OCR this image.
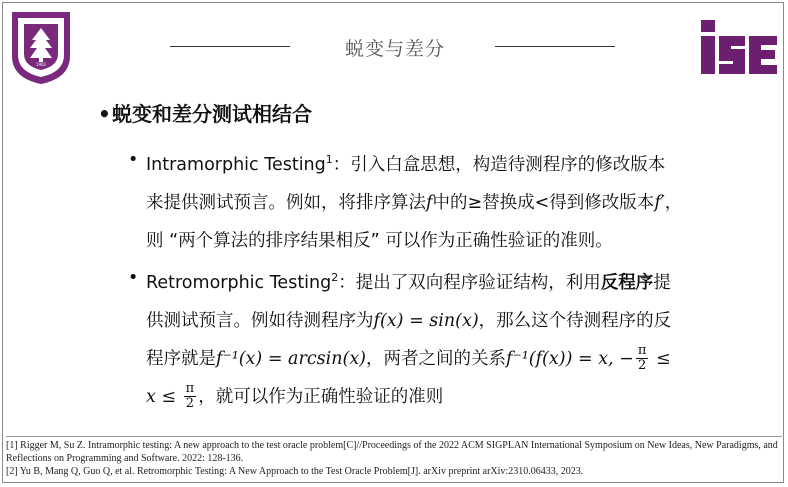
1902
蜕变与差分
•蜕变和差分测试相结合
• Intramorphic Testing$^1$：引入白盒思想，构造待测程序的修改版本
来提供测试预言。例如，将排序算法f中的≥替换成<得到修改版本f′，
则 “两个算法的排序结果相反” 可以作为正确性验证的准则。
• Retromorphic Testing$^2$：提出了双向程序验证结构，利用反程序提
供测试预言。例如待测程序为f(x) = sin(x)，那么这个待测程序的反
程序就是f⁻¹(x) = arcsin(x)，两者之间的关系f⁻¹(f(x)) = x, − $\frac{\pi}{2}$ ≤
$x \le \frac{\pi}{2}$ ，就可以作为正确性验证的准则
[1] Rigger M, Su Z. Intramorphic testing: A new approach to the test oracle problem[C]//Proceedings of the 2022 ACM SIGPLAN International Symposium on New Ideas, New Paradigms, and Reflections on Programming and Software. 2022: 128-136.
[2] Yu B, Mang Q, Guo Q, et al. Retromorphic Testing: A New Approach to the Test Oracle Problem[J]. arXiv preprint arXiv:2310.06433, 2023.
